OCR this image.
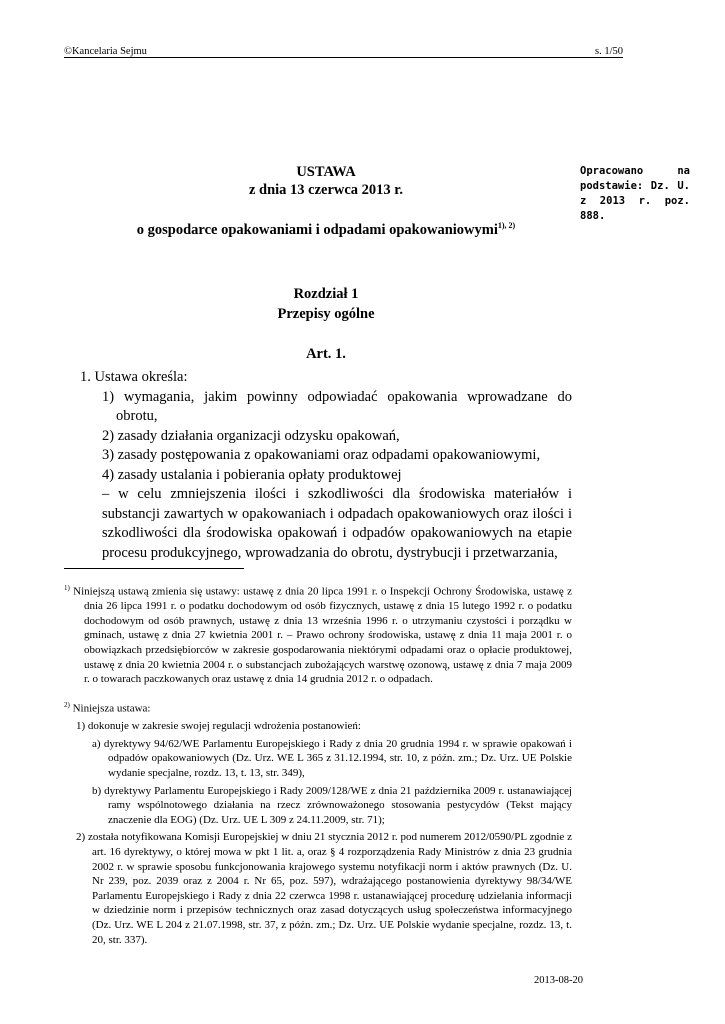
©Kancelaria Sejmu	s. 1/50
USTAWA
z dnia 13 czerwca 2013 r.
o gospodarce opakowaniami i odpadami opakowaniowymi$^{1), 2)}$
Opracowano na podstawie: Dz. U. z 2013 r. poz. 888.
Rozdział 1
Przepisy ogólne
Art. 1.
1. Ustawa określa:
1) wymagania, jakim powinny odpowiadać opakowania wprowadzane do obrotu,
2) zasady działania organizacji odzysku opakowań,
3) zasady postępowania z opakowaniami oraz odpadami opakowaniowymi,
4) zasady ustalania i pobierania opłaty produktowej
– w celu zmniejszenia ilości i szkodliwości dla środowiska materiałów i substancji zawartych w opakowaniach i odpadach opakowaniowych oraz ilości i szkodliwości dla środowiska opakowań i odpadów opakowaniowych na etapie procesu produkcyjnego, wprowadzania do obrotu, dystrybucji i przetwarzania,
$^{1)}$ Niniejszą ustawą zmienia się ustawy: ustawę z dnia 20 lipca 1991 r. o Inspekcji Ochrony Środowiska, ustawę z dnia 26 lipca 1991 r. o podatku dochodowym od osób fizycznych, ustawę z dnia 15 lutego 1992 r. o podatku dochodowym od osób prawnych, ustawę z dnia 13 września 1996 r. o utrzymaniu czystości i porządku w gminach, ustawę z dnia 27 kwietnia 2001 r. – Prawo ochrony środowiska, ustawę z dnia 11 maja 2001 r. o obowiązkach przedsiębiorców w zakresie gospodarowania niektórymi odpadami oraz o opłacie produktowej, ustawę z dnia 20 kwietnia 2004 r. o substancjach zubożających warstwę ozonową, ustawę z dnia 7 maja 2009 r. o towarach paczkowanych oraz ustawę z dnia 14 grudnia 2012 r. o odpadach.
$^{2)}$ Niniejsza ustawa:
1) dokonuje w zakresie swojej regulacji wdrożenia postanowień:
a) dyrektywy 94/62/WE Parlamentu Europejskiego i Rady z dnia 20 grudnia 1994 r. w sprawie opakowań i odpadów opakowaniowych (Dz. Urz. WE L 365 z 31.12.1994, str. 10, z późn. zm.; Dz. Urz. UE Polskie wydanie specjalne, rozdz. 13, t. 13, str. 349),
b) dyrektywy Parlamentu Europejskiego i Rady 2009/128/WE z dnia 21 października 2009 r. ustanawiającej ramy wspólnotowego działania na rzecz zrównoważonego stosowania pestycydów (Tekst mający znaczenie dla EOG) (Dz. Urz. UE L 309 z 24.11.2009, str. 71);
2) została notyfikowana Komisji Europejskiej w dniu 21 stycznia 2012 r. pod numerem 2012/0590/PL zgodnie z art. 16 dyrektywy, o której mowa w pkt 1 lit. a, oraz § 4 rozporządzenia Rady Ministrów z dnia 23 grudnia 2002 r. w sprawie sposobu funkcjonowania krajowego systemu notyfikacji norm i aktów prawnych (Dz. U. Nr 239, poz. 2039 oraz z 2004 r. Nr 65, poz. 597), wdrażającego postanowienia dyrektywy 98/34/WE Parlamentu Europejskiego i Rady z dnia 22 czerwca 1998 r. ustanawiającej procedurę udzielania informacji w dziedzinie norm i przepisów technicznych oraz zasad dotyczących usług społeczeństwa informacyjnego (Dz. Urz. WE L 204 z 21.07.1998, str. 37, z późn. zm.; Dz. Urz. UE Polskie wydanie specjalne, rozdz. 13, t. 20, str. 337).
2013-08-20
